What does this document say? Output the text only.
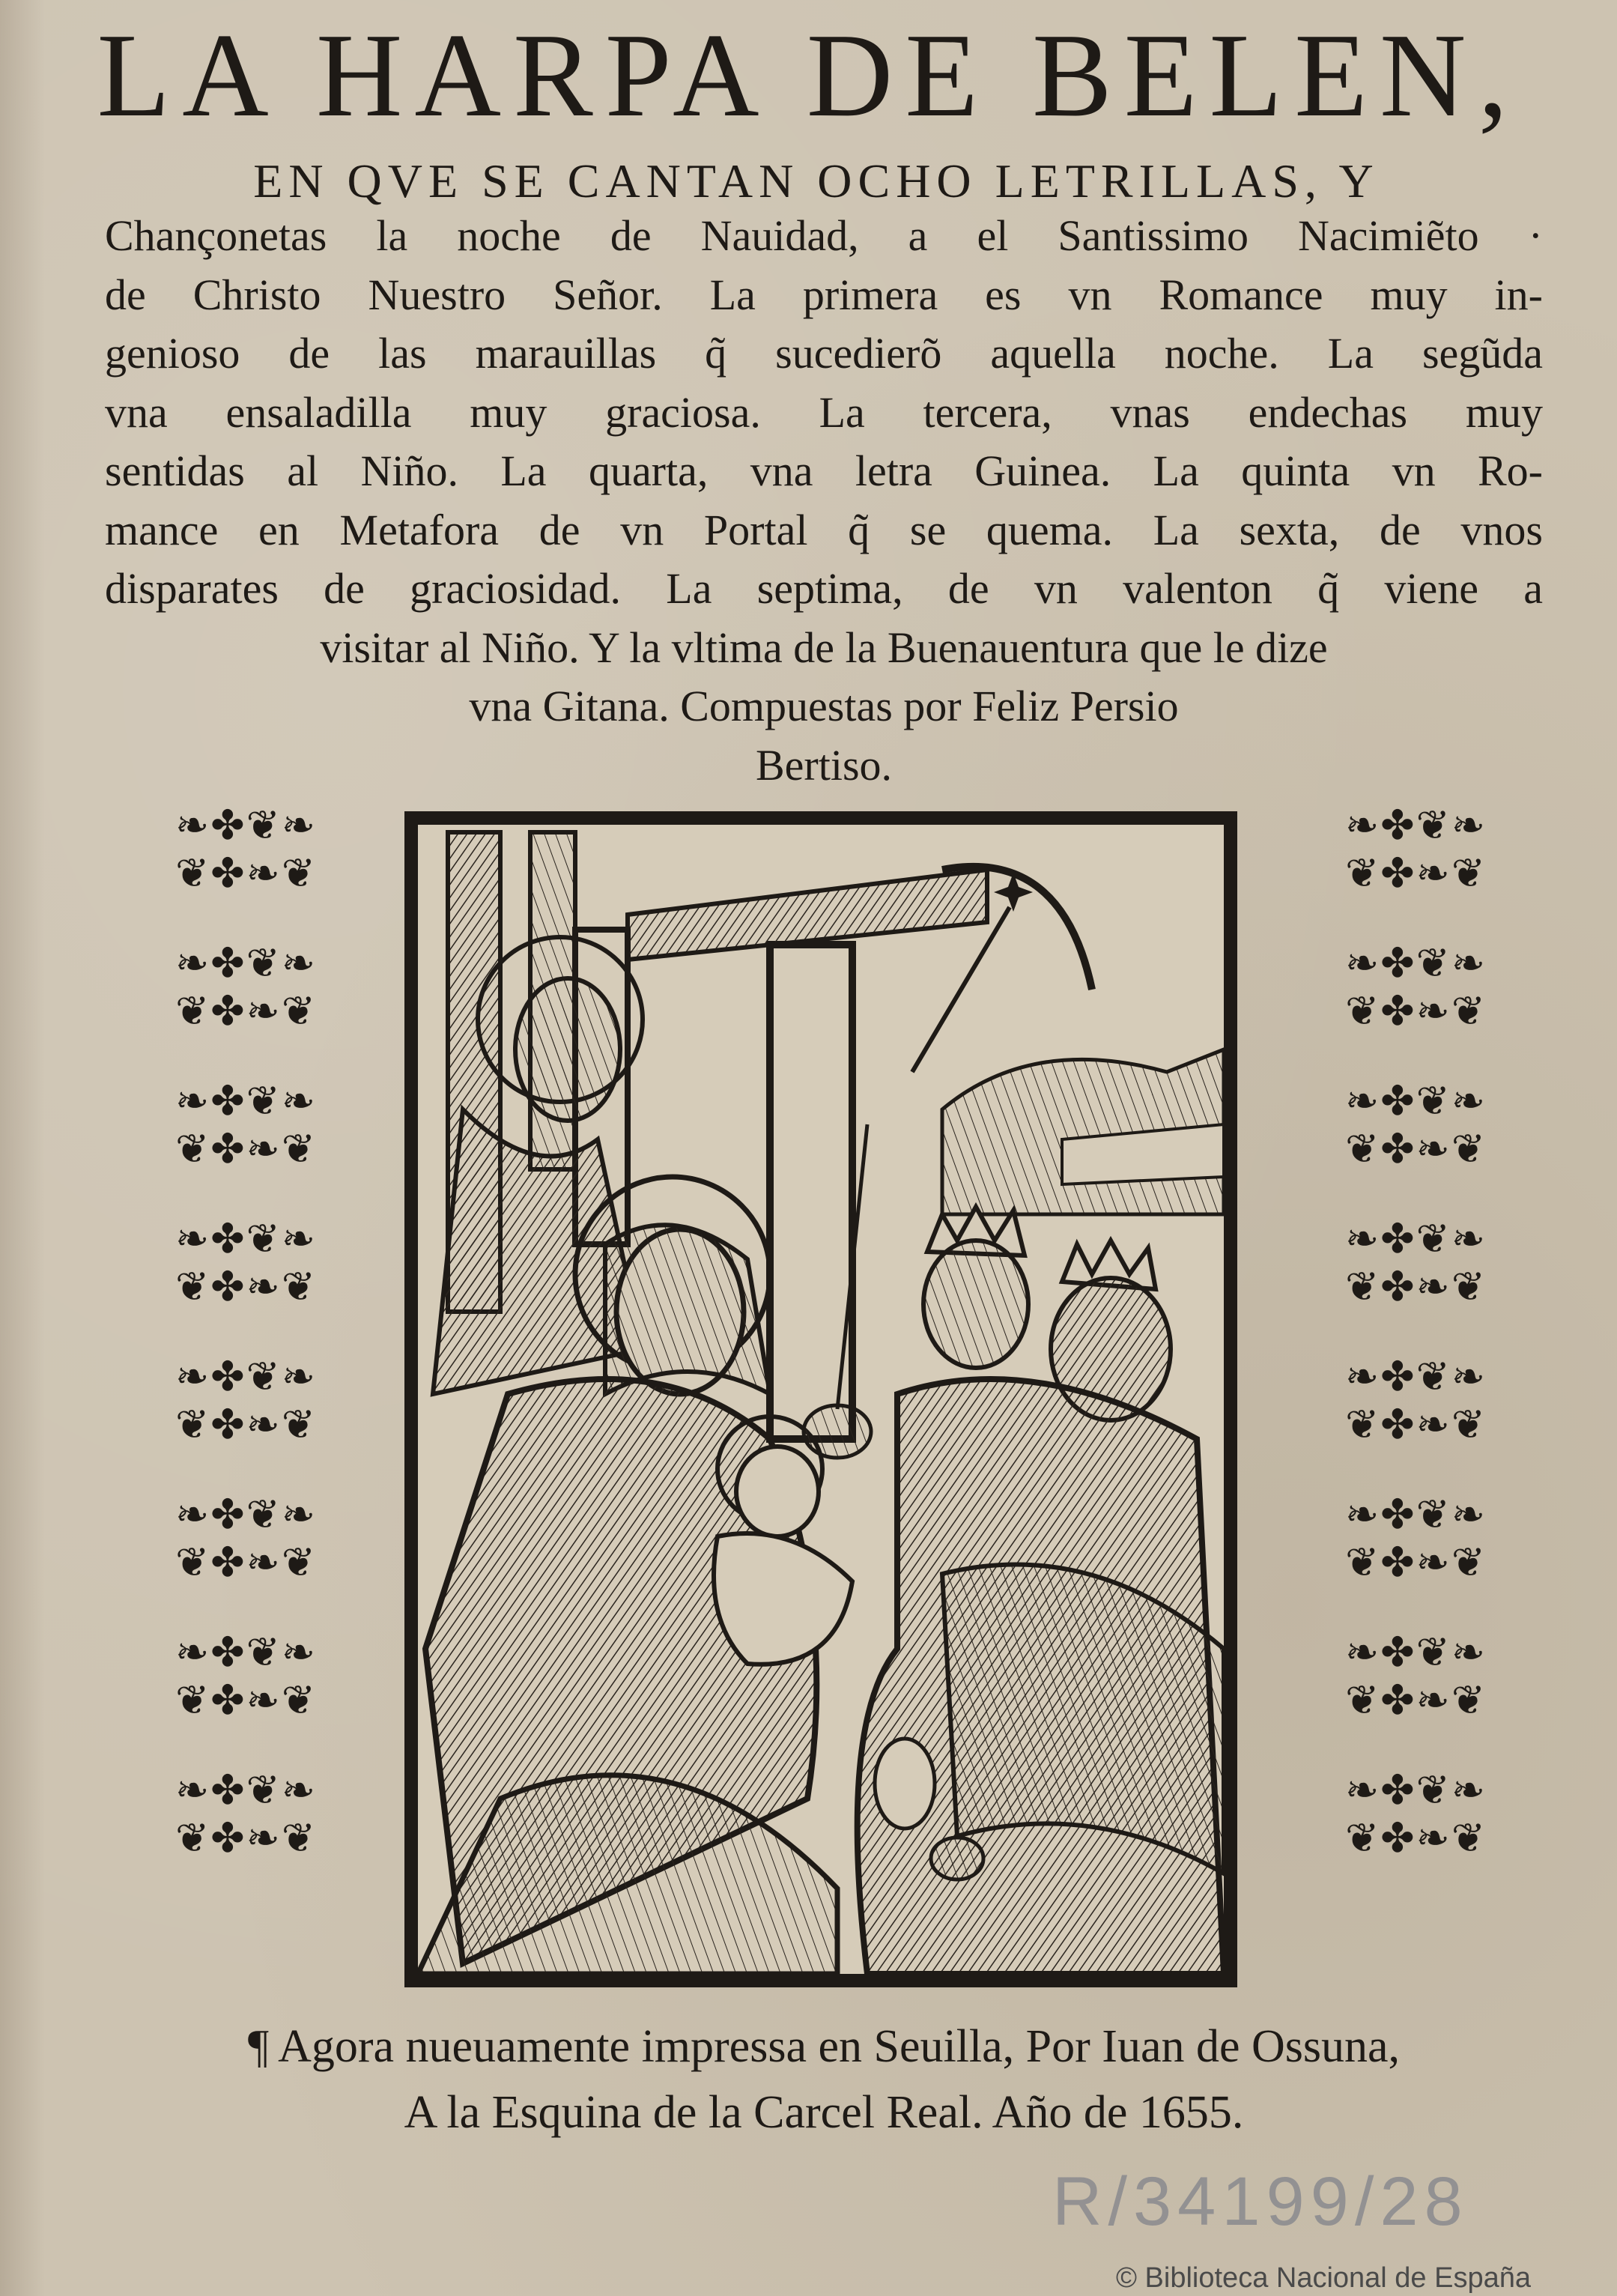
LA HARPA DE BELEN,
EN QVE SE CANTAN OCHO LETRILLAS, Y
Chançonetas la noche de Nauidad, a el Santissimo Nacimiẽto ·
de Christo Nuestro Señor. La primera es vn Romance muy in-
genioso de las marauillas q̃ sucedierõ aquella noche. La segũda
vna ensaladilla muy graciosa. La tercera, vnas endechas muy
sentidas al Niño. La quarta, vna letra Guinea. La quinta vn Ro-
mance en Metafora de vn Portal q̃ se quema. La sexta, de vnos
disparates de graciosidad. La septima, de vn valenton q̃ viene a
visitar al Niño. Y la vltima de la Buenauentura que le dize
vna Gitana. Compuestas por Feliz Persio
Bertiso.
❧✤❦❧
❦✤❧❦
❧✤❦❧
❦✤❧❦
❧✤❦❧
❦✤❧❦
❧✤❦❧
❦✤❧❦
❧✤❦❧
❦✤❧❦
❧✤❦❧
❦✤❧❦
❧✤❦❧
❦✤❧❦
❧✤❦❧
❦✤❧❦
❧✤❦❧
❦✤❧❦
❧✤❦❧
❦✤❧❦
❧✤❦❧
❦✤❧❦
❧✤❦❧
❦✤❧❦
❧✤❦❧
❦✤❧❦
❧✤❦❧
❦✤❧❦
❧✤❦❧
❦✤❧❦
❧✤❦❧
❦✤❧❦
¶ Agora nueuamente impressa en Seuilla, Por Iuan de Ossuna,
A la Esquina de la Carcel Real. Año de 1655.
R/34199/28
© Biblioteca Nacional de España
